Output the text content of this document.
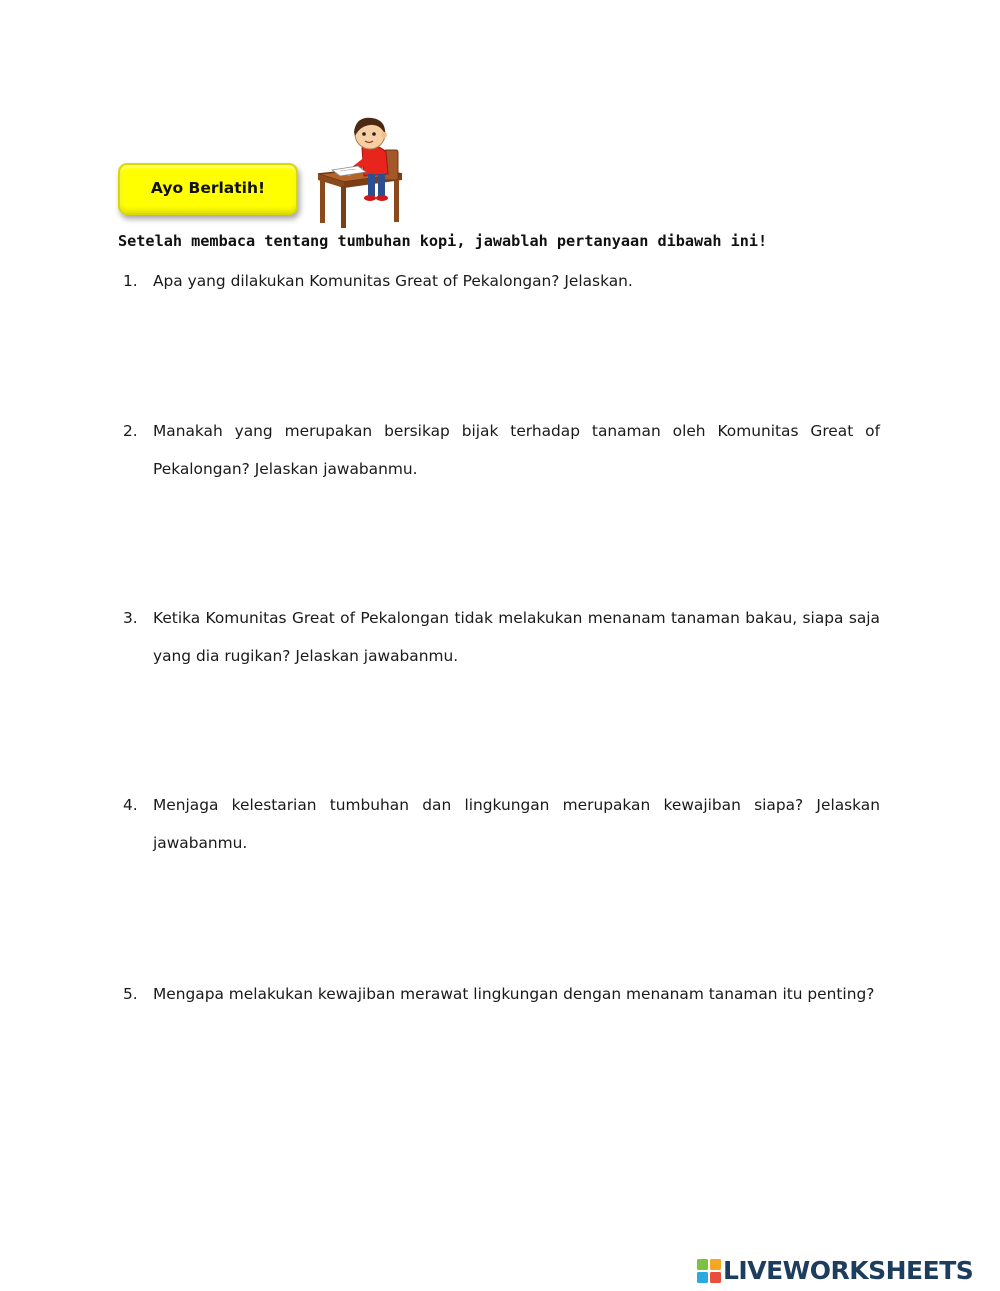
Ayo Berlatih!
Setelah membaca tentang tumbuhan kopi, jawablah pertanyaan dibawah ini!
1. Apa yang dilakukan Komunitas Great of Pekalongan? Jelaskan.
2. Manakah yang merupakan bersikap bijak terhadap tanaman oleh Komunitas Great of Pekalongan? Jelaskan jawabanmu.
3. Ketika Komunitas Great of Pekalongan tidak melakukan menanam tanaman bakau, siapa saja yang dia rugikan? Jelaskan jawabanmu.
4. Menjaga kelestarian tumbuhan dan lingkungan merupakan kewajiban siapa? Jelaskan jawabanmu.
5. Mengapa melakukan kewajiban merawat lingkungan dengan menanam tanaman itu penting?
LIVEWORKSHEETS
